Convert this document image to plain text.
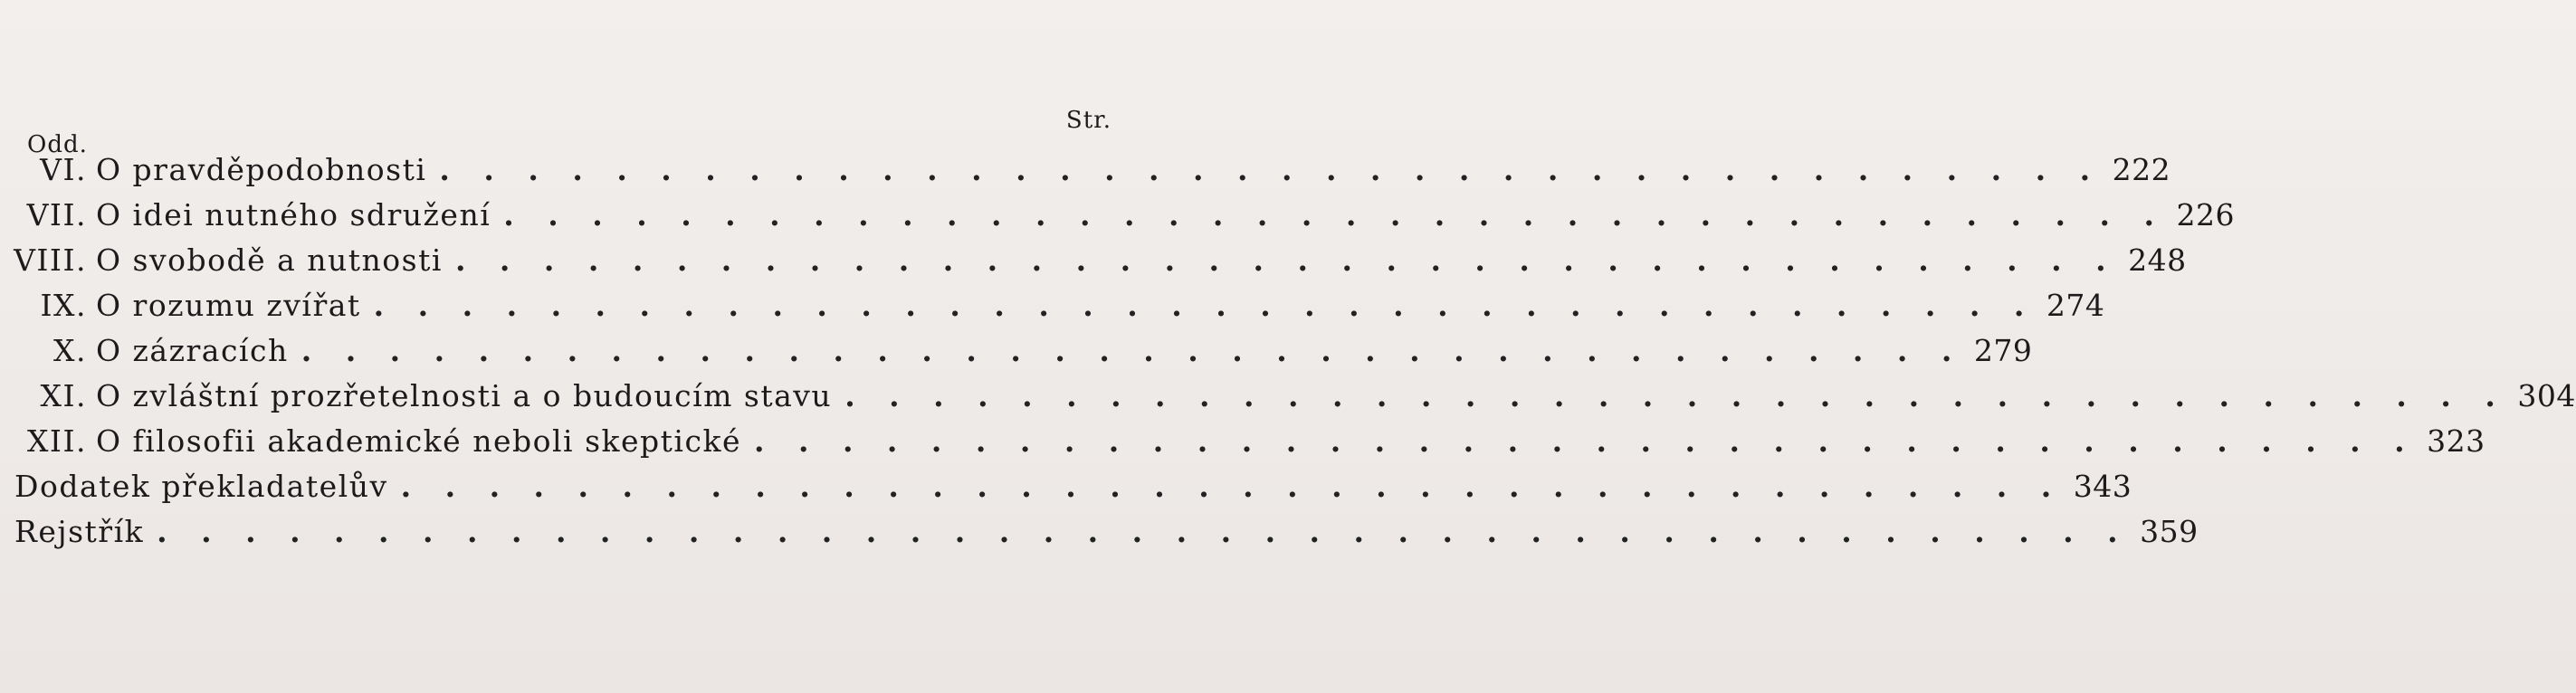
Odd.
Str.
VI. O pravděpodobnosti . . . . . . . . . . . . . . . . . . . . . . . . . . . . . . . . . . . . . . 222
VII. O idei nutného sdružení . . . . . . . . . . . . . . . . . . . . . . . . . . . . . . . . . . . . . . 226
VIII. O svobodě a nutnosti . . . . . . . . . . . . . . . . . . . . . . . . . . . . . . . . . . . . . . 248
IX. O rozumu zvířat . . . . . . . . . . . . . . . . . . . . . . . . . . . . . . . . . . . . . . 274
X. O zázracích . . . . . . . . . . . . . . . . . . . . . . . . . . . . . . . . . . . . . . 279
XI. O zvláštní prozřetelnosti a o budoucím stavu . . . . . . . . . . . . . . . . . . . . . . . . . . . . . . . . . . . . . . 304
XII. O filosofii akademické neboli skeptické . . . . . . . . . . . . . . . . . . . . . . . . . . . . . . . . . . . . . . 323
Dodatek překladatelův . . . . . . . . . . . . . . . . . . . . . . . . . . . . . . . . . . . . . . 343
Rejstřík . . . . . . . . . . . . . . . . . . . . . . . . . . . . . . . . . . . . . . . . . . . . . 359
